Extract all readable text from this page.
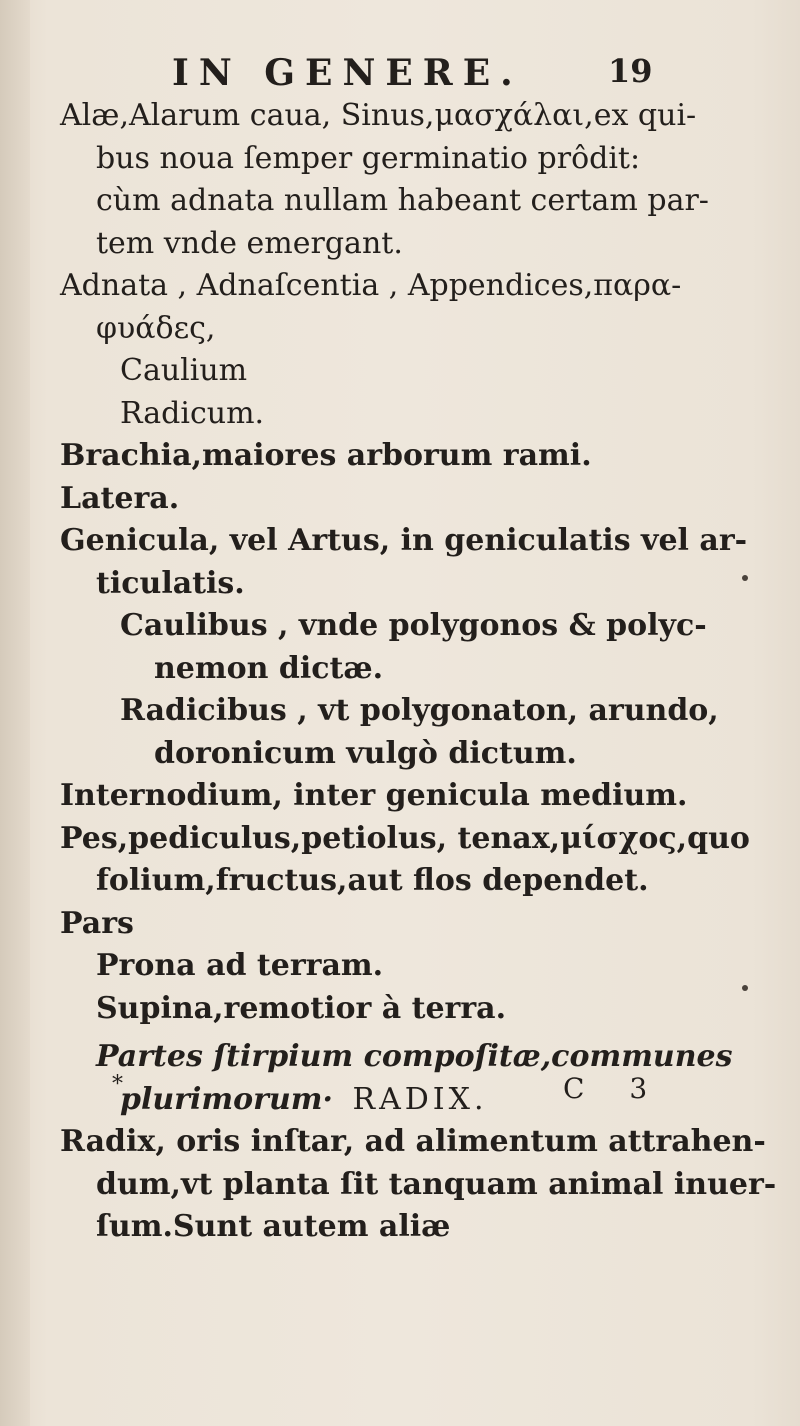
IN GENERE.	19
Alæ,Alarum caua, Sinus,μασχάλαι,ex qui-
bus noua ſemper germinatio prôdit:
cùm adnata nullam habeant certam par-
tem vnde emergant.
Adnata , Adnaſcentia , Appendices,παρα-
φυάδες,
Caulium
Radicum.
Brachia,maiores arborum rami.
Latera.
Genicula, vel Artus, in geniculatis vel ar-
ticulatis.
Caulibus , vnde polygonos & polyc-
nemon dictæ.
Radicibus , vt polygonaton, arundo,
doronicum vulgò dictum.
Internodium, inter genicula medium.
Pes,pediculus,petiolus, tenax,μίσχος,quo
folium,fructus,aut flos dependet.
Pars
Prona ad terram.
Supina,remotior à terra.
Partes ſtirpium compoſitæ,communes
plurimorum· RADIX.
Radix, oris inſtar, ad alimentum attrahen-
dum,vt planta ſit tanquam animal inuer-
ſum.Sunt autem aliæ
*	C 3
